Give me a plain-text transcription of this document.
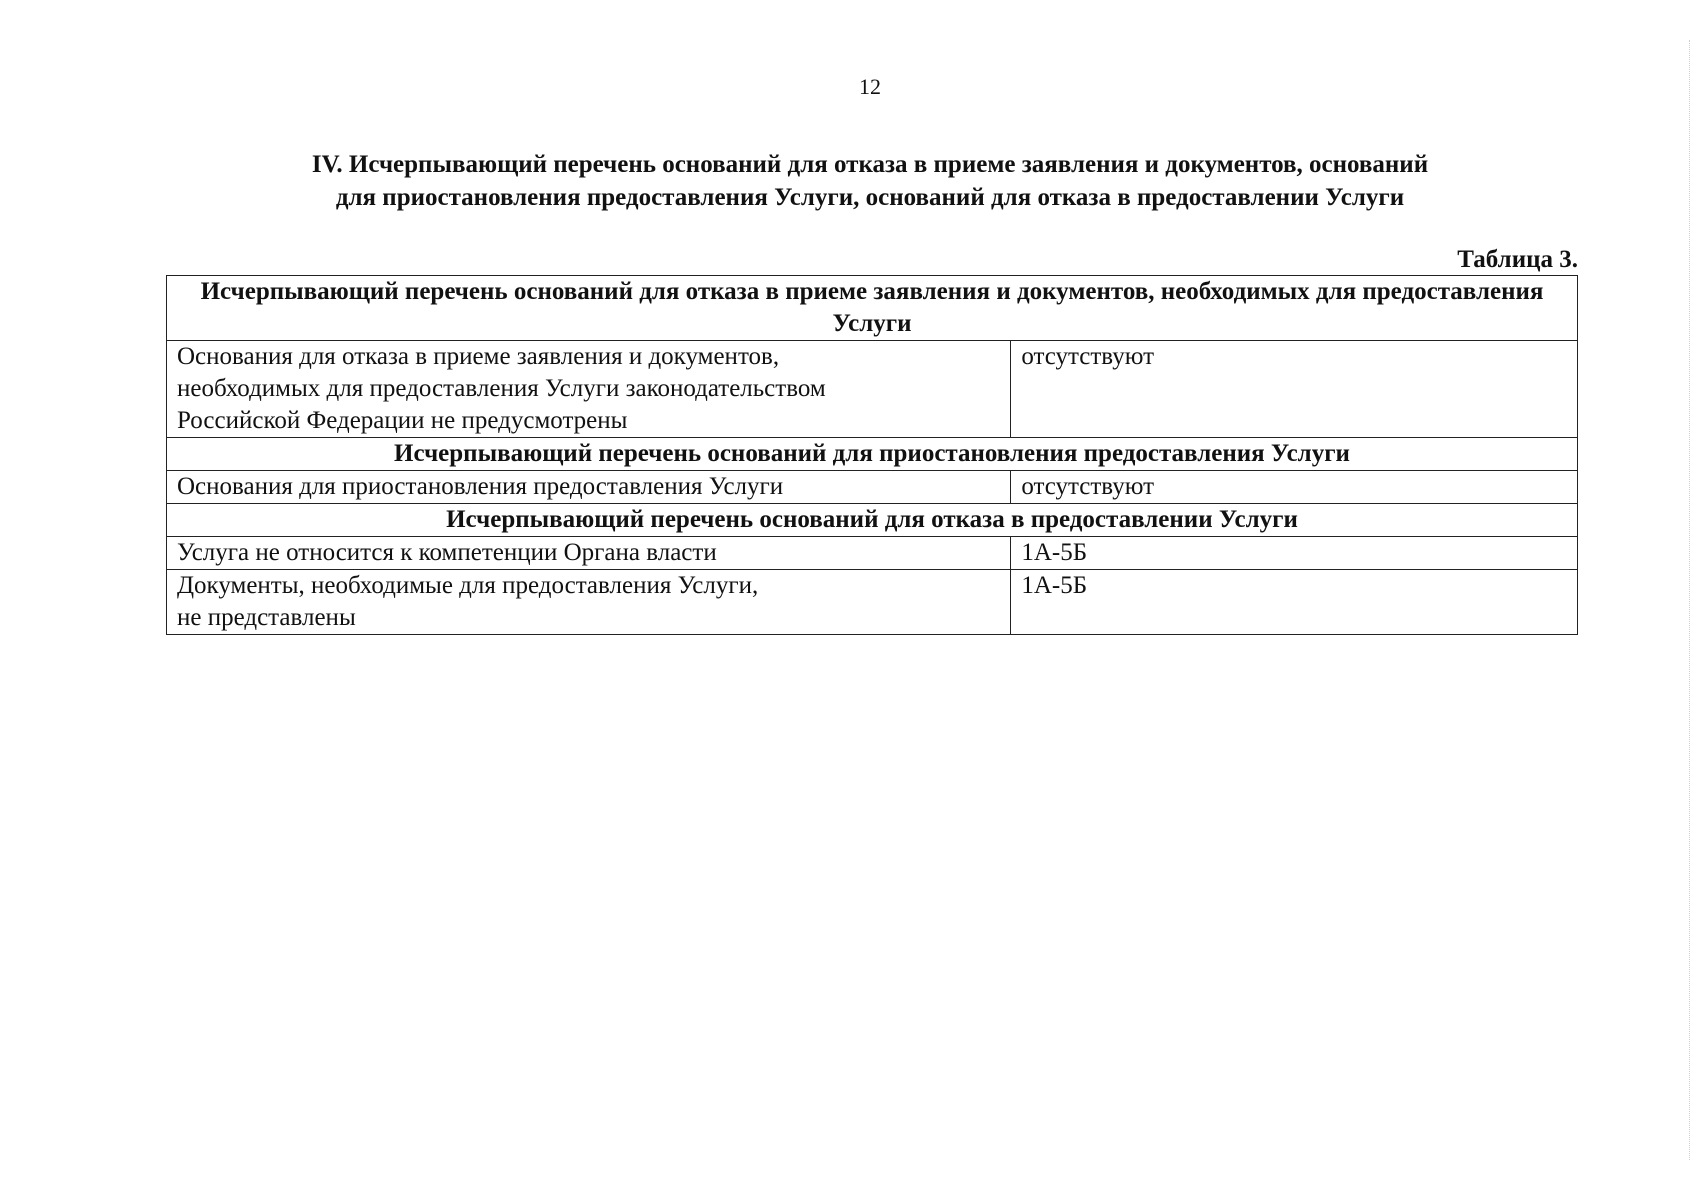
12
IV. Исчерпывающий перечень оснований для отказа в приеме заявления и документов, оснований
для приостановления предоставления Услуги, оснований для отказа в предоставлении Услуги
Таблица 3.
Исчерпывающий перечень оснований для отказа в приеме заявления и документов, необходимых для предоставления Услуги	

Основания для отказа в приеме заявления и документов,
необходимых для предоставления Услуги законодательством
Российской Федерации не предусмотрены	отсутствуют
Исчерпывающий перечень оснований для приостановления предоставления Услуги	

Основания для приостановления предоставления Услуги	отсутствуют
Исчерпывающий перечень оснований для отказа в предоставлении Услуги	

Услуга не относится к компетенции Органа власти	1А-5Б

Документы, необходимые для предоставления Услуги,
не представлены	1А-5Б
